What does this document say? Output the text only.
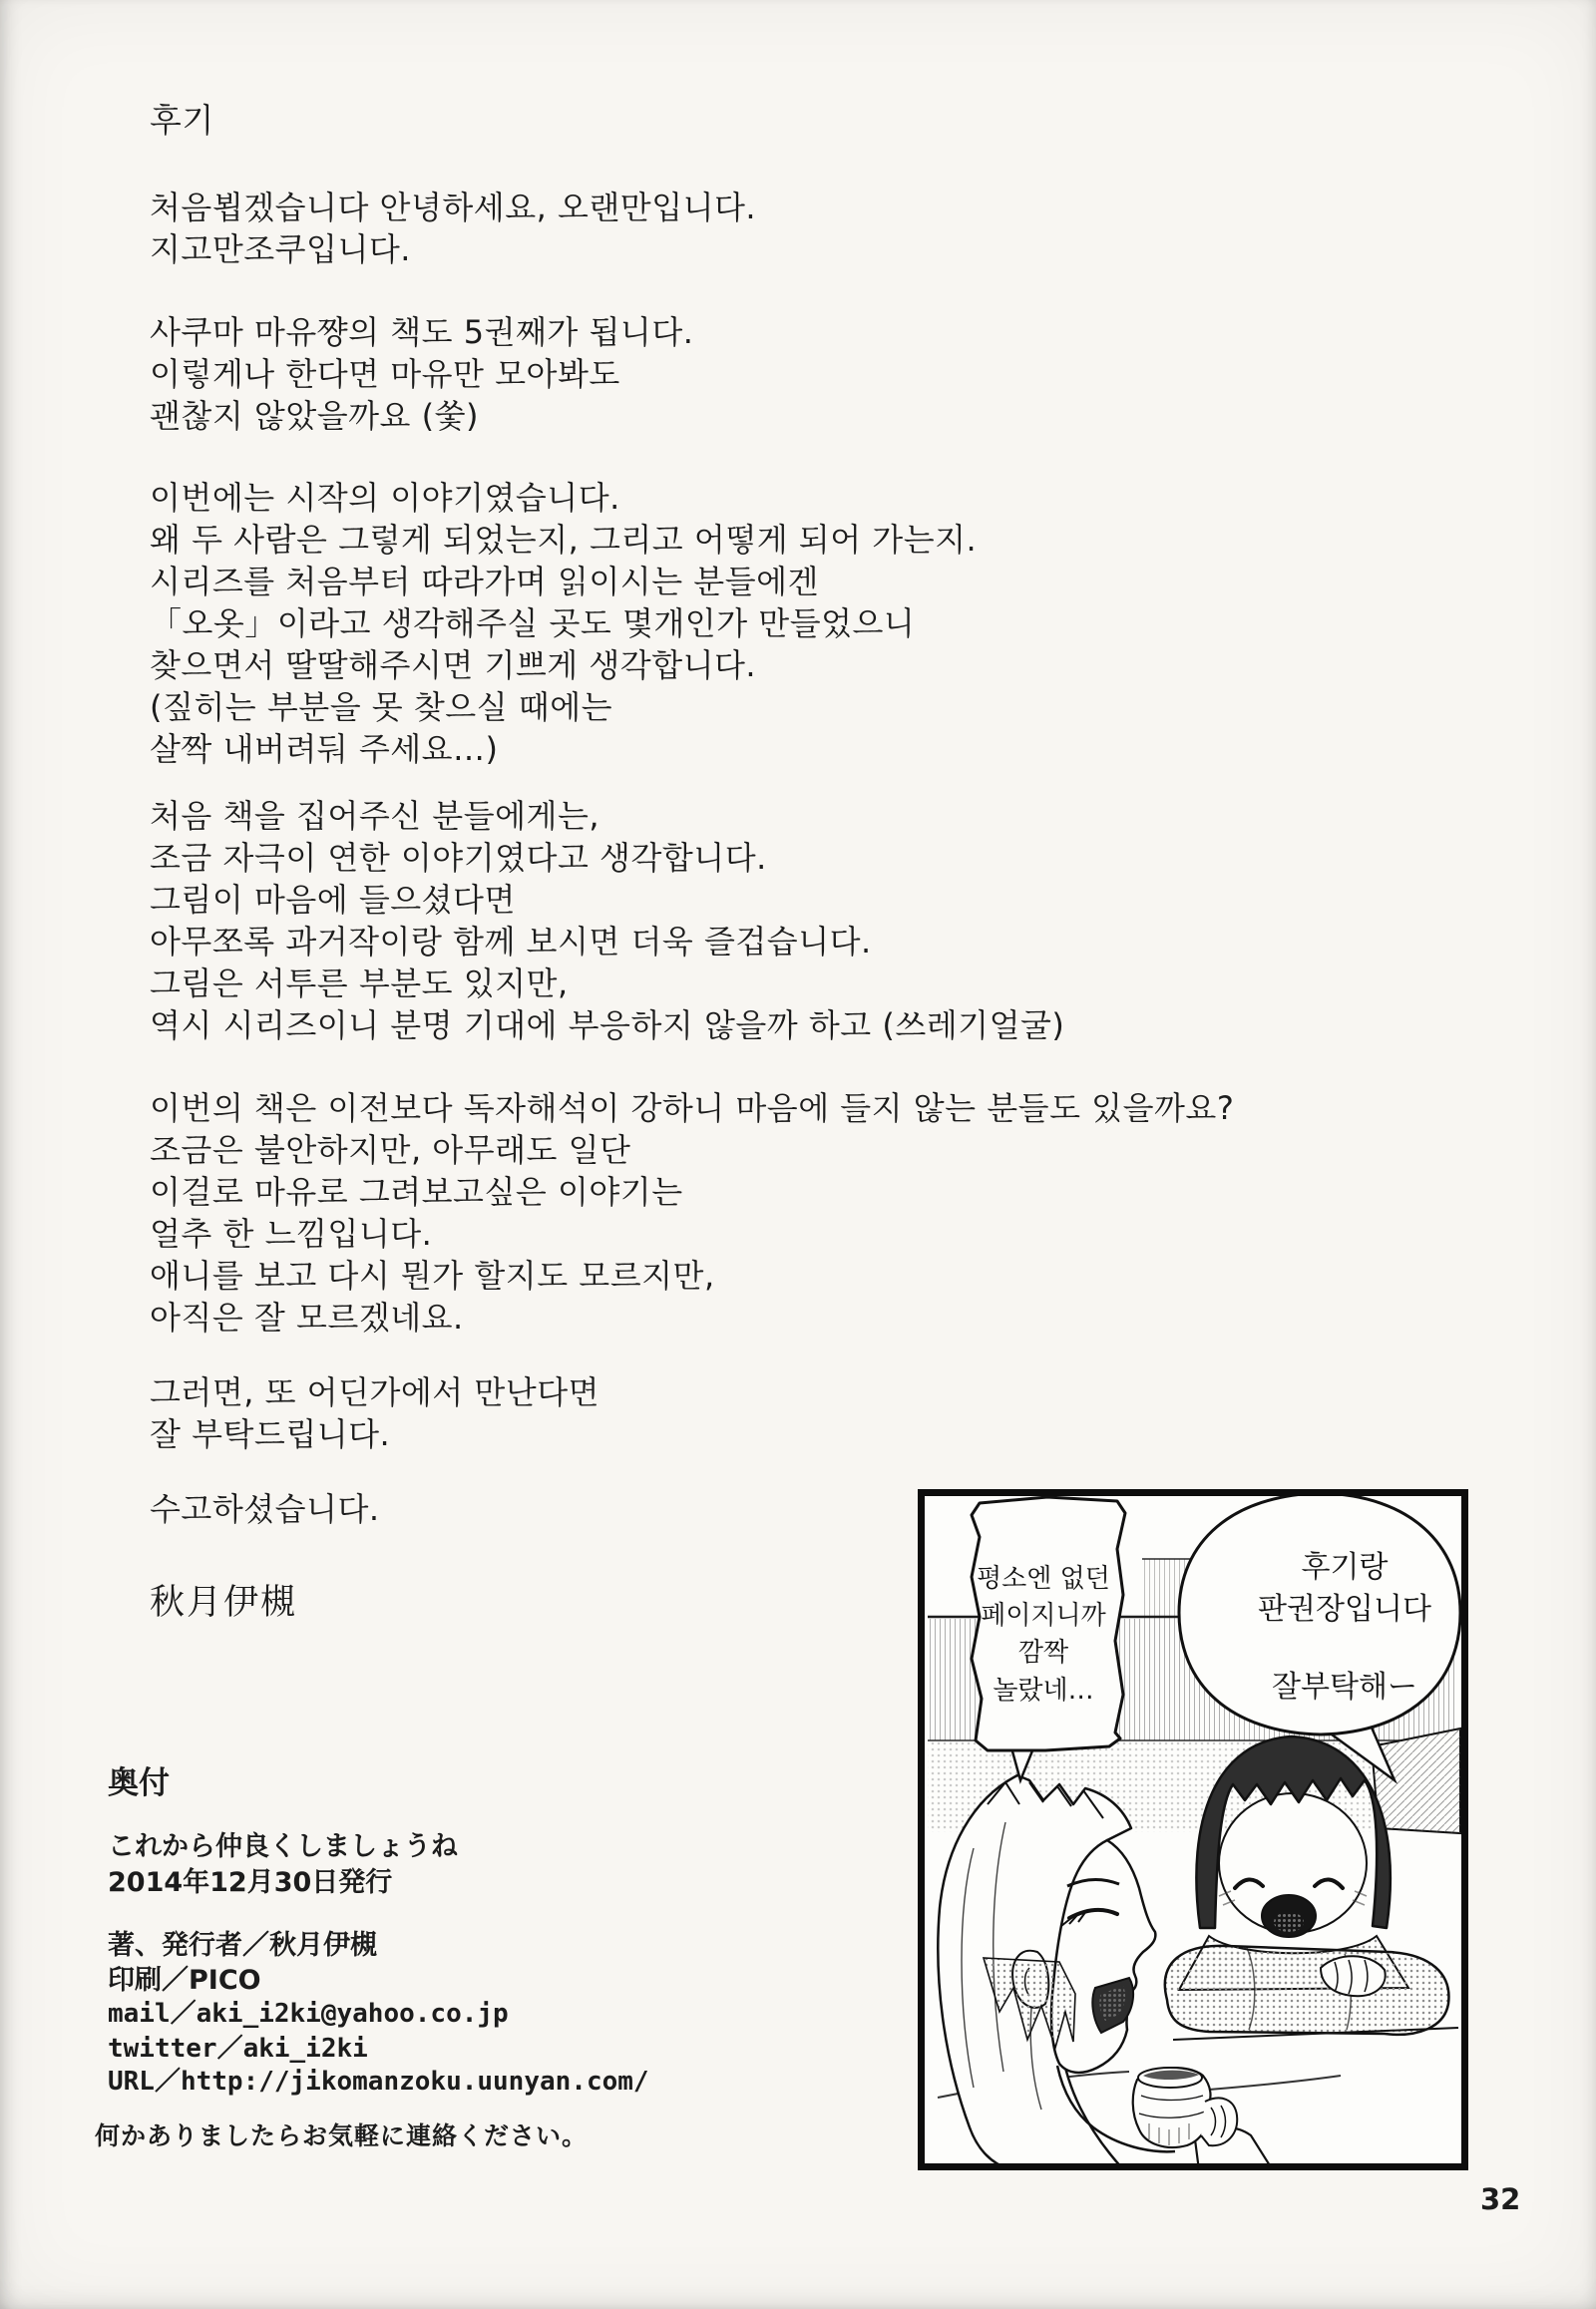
후기
처음뵙겠습니다 안녕하세요, 오랜만입니다.
지고만조쿠입니다.
사쿠마 마유쨩의 책도 5권째가 됩니다.
이렇게나 한다면 마유만 모아봐도
괜찮지 않았을까요 (쑻)
이번에는 시작의 이야기였습니다.
왜 두 사람은 그렇게 되었는지, 그리고 어떻게 되어 가는지.
시리즈를 처음부터 따라가며 읽이시는 분들에겐
「오옷」이라고 생각해주실 곳도 몇개인가 만들었으니
찾으면서 딸딸해주시면 기쁘게 생각합니다.
(짚히는 부분을 못 찾으실 때에는
살짝 내버려둬 주세요…)
처음 책을 집어주신 분들에게는,
조금 자극이 연한 이야기였다고 생각합니다.
그림이 마음에 들으셨다면
아무쪼록 과거작이랑 함께 보시면 더욱 즐겁습니다.
그림은 서투른 부분도 있지만,
역시 시리즈이니 분명 기대에 부응하지 않을까 하고 (쓰레기얼굴)
이번의 책은 이전보다 독자해석이 강하니 마음에 들지 않는 분들도 있을까요?
조금은 불안하지만, 아무래도 일단
이걸로 마유로 그려보고싶은 이야기는
얼추 한 느낌입니다.
애니를 보고 다시 뭔가 할지도 모르지만,
아직은 잘 모르겠네요.
그러면, 또 어딘가에서 만난다면
잘 부탁드립니다.
수고하셨습니다.
秋月伊槻
奥付
これから仲良くしましょうね
2014年12月30日発行
著、発行者／秋月伊槻
印刷／PICO
mail／aki_i2ki@yahoo.co.jp
twitter／aki_i2ki
URL／http://jikomanzoku.uunyan.com/
何かありましたらお気軽に連絡ください。
32
평소엔 없던
페이지니까
깜짝
놀랐네…
후기랑
판권장입니다
잘부탁해ー
